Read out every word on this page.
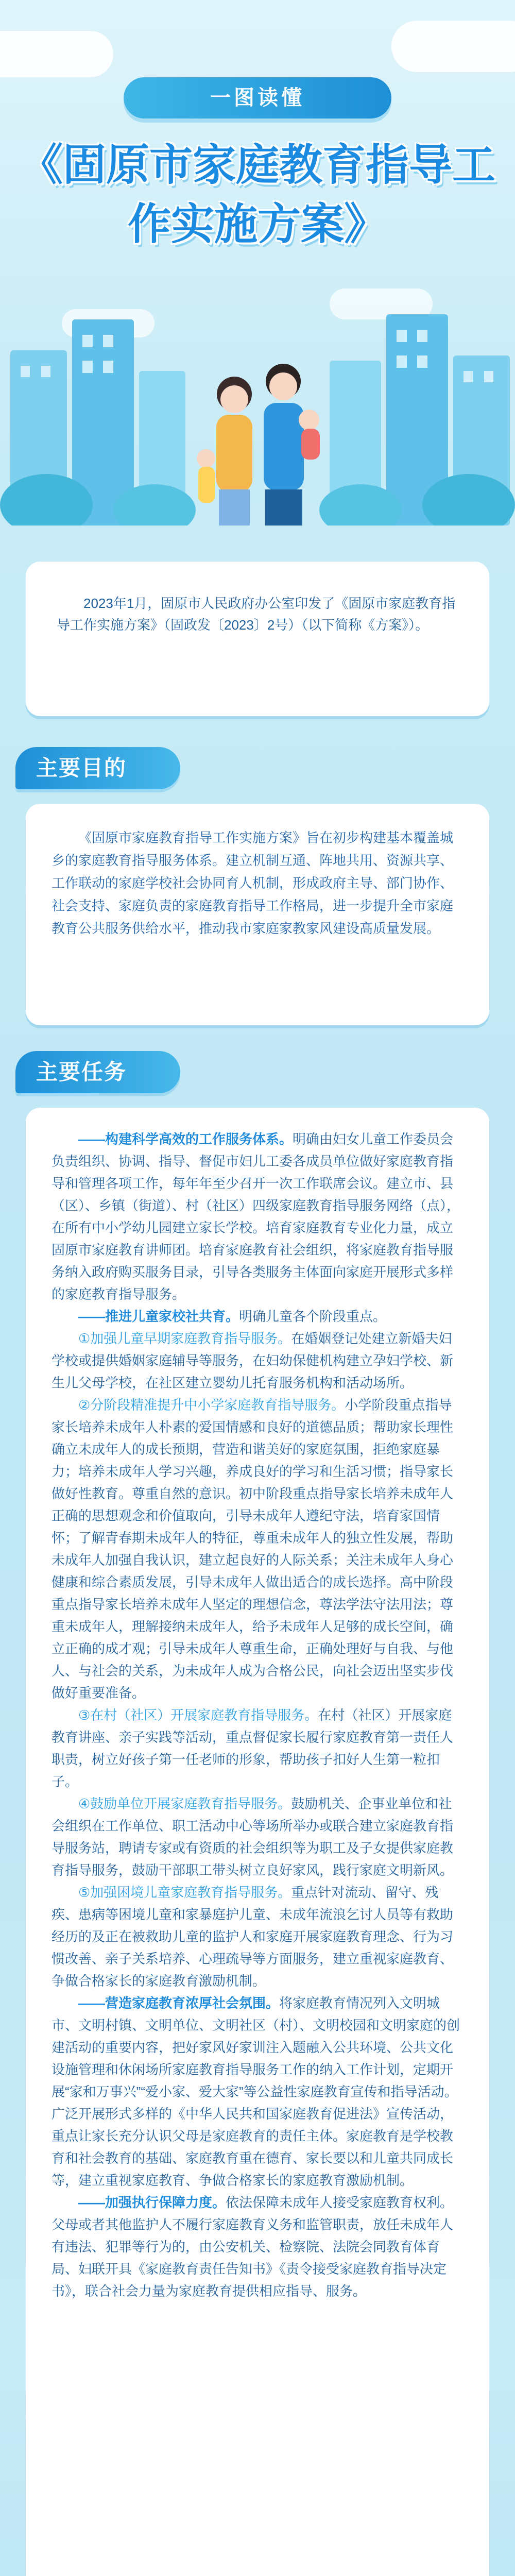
一图读懂
《固原市家庭教育指导工
作实施方案》

2023年1月，固原市人民政府办公室印发了《固原市家庭教育指导工作实施方案》（固政发〔2023〕2号）（以下简称《方案》）。

主要目的

《固原市家庭教育指导工作实施方案》旨在初步构建基本覆盖城乡的家庭教育指导服务体系。建立机制互通、阵地共用、资源共享、工作联动的家庭学校社会协同育人机制，形成政府主导、部门协作、社会支持、家庭负责的家庭教育指导工作格局，进一步提升全市家庭教育公共服务供给水平，推动我市家庭家教家风建设高质量发展。

主要任务

——构建科学高效的工作服务体系。明确由妇女儿童工作委员会负责组织、协调、指导、督促市妇儿工委各成员单位做好家庭教育指导和管理各项工作，每年年至少召开一次工作联席会议。建立市、县（区）、乡镇（街道）、村（社区）四级家庭教育指导服务网络（点），在所有中小学幼儿园建立家长学校。培育家庭教育专业化力量，成立固原市家庭教育讲师团。培育家庭教育社会组织，将家庭教育指导服务纳入政府购买服务目录，引导各类服务主体面向家庭开展形式多样的家庭教育指导服务。

——推进儿童家校社共育。明确儿童各个阶段重点。

①加强儿童早期家庭教育指导服务。在婚姻登记处建立新婚夫妇学校或提供婚姻家庭辅导等服务，在妇幼保健机构建立孕妇学校、新生儿父母学校，在社区建立婴幼儿托育服务机构和活动场所。

②分阶段精准提升中小学家庭教育指导服务。小学阶段重点指导家长培养未成年人朴素的爱国情感和良好的道德品质；帮助家长理性确立未成年人的成长预期，营造和谐美好的家庭氛围，拒绝家庭暴力；培养未成年人学习兴趣，养成良好的学习和生活习惯；指导家长做好性教育。尊重自然的意识。初中阶段重点指导家长培养未成年人正确的思想观念和价值取向，引导未成年人遵纪守法，培育家国情怀；了解青春期未成年人的特征，尊重未成年人的独立性发展，帮助未成年人加强自我认识，建立起良好的人际关系；关注未成年人身心健康和综合素质发展，引导未成年人做出适合的成长选择。高中阶段重点指导家长培养未成年人坚定的理想信念，尊法学法守法用法；尊重未成年人，理解接纳未成年人，给予未成年人足够的成长空间，确立正确的成才观；引导未成年人尊重生命，正确处理好与自我、与他人、与社会的关系，为未成年人成为合格公民，向社会迈出坚实步伐做好重要准备。

③在村（社区）开展家庭教育指导服务。在村（社区）开展家庭教育讲座、亲子实践等活动，重点督促家长履行家庭教育第一责任人职责，树立好孩子第一任老师的形象，帮助孩子扣好人生第一粒扣子。

④鼓励单位开展家庭教育指导服务。鼓励机关、企事业单位和社会组织在工作单位、职工活动中心等场所举办或联合建立家庭教育指导服务站，聘请专家或有资质的社会组织等为职工及子女提供家庭教育指导服务，鼓励干部职工带头树立良好家风，践行家庭文明新风。

⑤加强困境儿童家庭教育指导服务。重点针对流动、留守、残疾、患病等困境儿童和家暴庭护儿童、未成年流浪乞讨人员等有救助经历的及正在被救助儿童的监护人和家庭开展家庭教育理念、行为习惯改善、亲子关系培养、心理疏导等方面服务，建立重视家庭教育、争做合格家长的家庭教育激励机制。

——营造家庭教育浓厚社会氛围。将家庭教育情况列入文明城市、文明村镇、文明单位、文明社区（村）、文明校园和文明家庭的创建活动的重要内容，把好家风好家训注入题融入公共环境、公共文化设施管理和休闲场所家庭教育指导服务工作的纳入工作计划，定期开展“家和万事兴”“爱小家、爱大家”等公益性家庭教育宣传和指导活动。广泛开展形式多样的《中华人民共和国家庭教育促进法》宣传活动，重点让家长充分认识父母是家庭教育的责任主体。家庭教育是学校教育和社会教育的基础、家庭教育重在德育、家长要以和儿童共同成长等，建立重视家庭教育、争做合格家长的家庭教育激励机制。

——加强执行保障力度。依法保障未成年人接受家庭教育权利。父母或者其他监护人不履行家庭教育义务和监管职责，放任未成年人有违法、犯罪等行为的，由公安机关、检察院、法院会同教育体育局、妇联开具《家庭教育责任告知书》《责令接受家庭教育指导决定书》，联合社会力量为家庭教育提供相应指导、服务。
